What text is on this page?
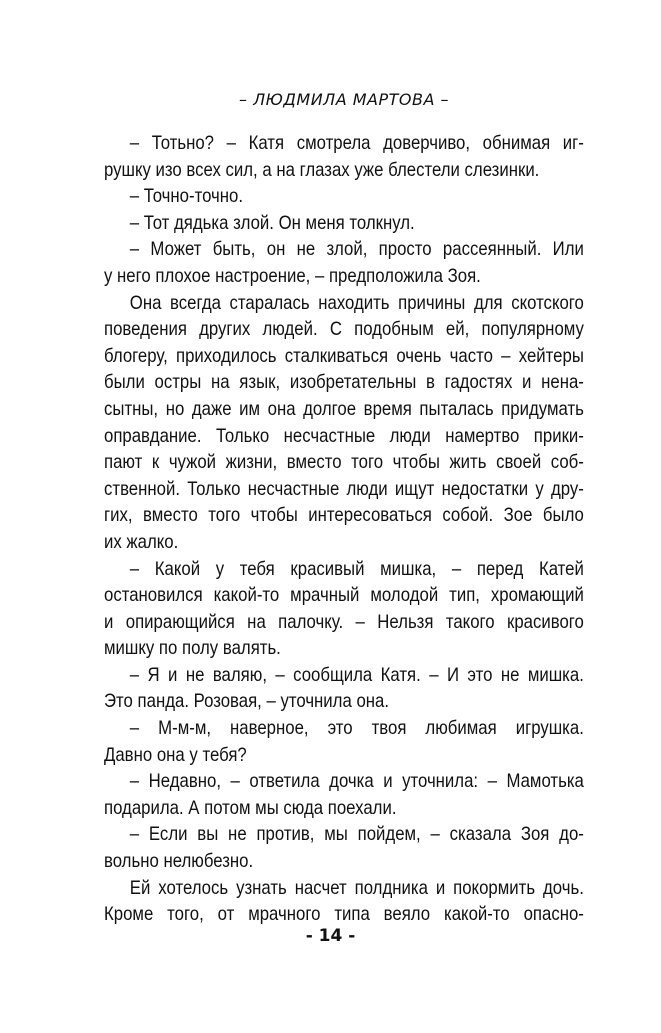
– ЛЮДМИЛА МАРТОВА –
– Тотьно? – Катя смотрела доверчиво, обнимая иг-
рушку изо всех сил, а на глазах уже блестели слезинки.
– Точно-точно.
– Тот дядька злой. Он меня толкнул.
– Может быть, он не злой, просто рассеянный. Или
у него плохое настроение, – предположила Зоя.
Она всегда старалась находить причины для скотского
поведения других людей. С подобным ей, популярному
блогеру, приходилось сталкиваться очень часто – хейтеры
были остры на язык, изобретательны в гадостях и нена-
сытны, но даже им она долгое время пыталась придумать
оправдание. Только несчастные люди намертво прики-
пают к чужой жизни, вместо того чтобы жить своей соб-
ственной. Только несчастные люди ищут недостатки у дру-
гих, вместо того чтобы интересоваться собой. Зое было
их жалко.
– Какой у тебя красивый мишка, – перед Катей
остановился какой-то мрачный молодой тип, хромающий
и опирающийся на палочку. – Нельзя такого красивого
мишку по полу валять.
– Я и не валяю, – сообщила Катя. – И это не мишка.
Это панда. Розовая, – уточнила она.
– М-м-м, наверное, это твоя любимая игрушка.
Давно она у тебя?
– Недавно, – ответила дочка и уточнила: – Мамотька
подарила. А потом мы сюда поехали.
– Если вы не против, мы пойдем, – сказала Зоя до-
вольно нелюбезно.
Ей хотелось узнать насчет полдника и покормить дочь.
Кроме того, от мрачного типа веяло какой-то опасно-
- 14 -
